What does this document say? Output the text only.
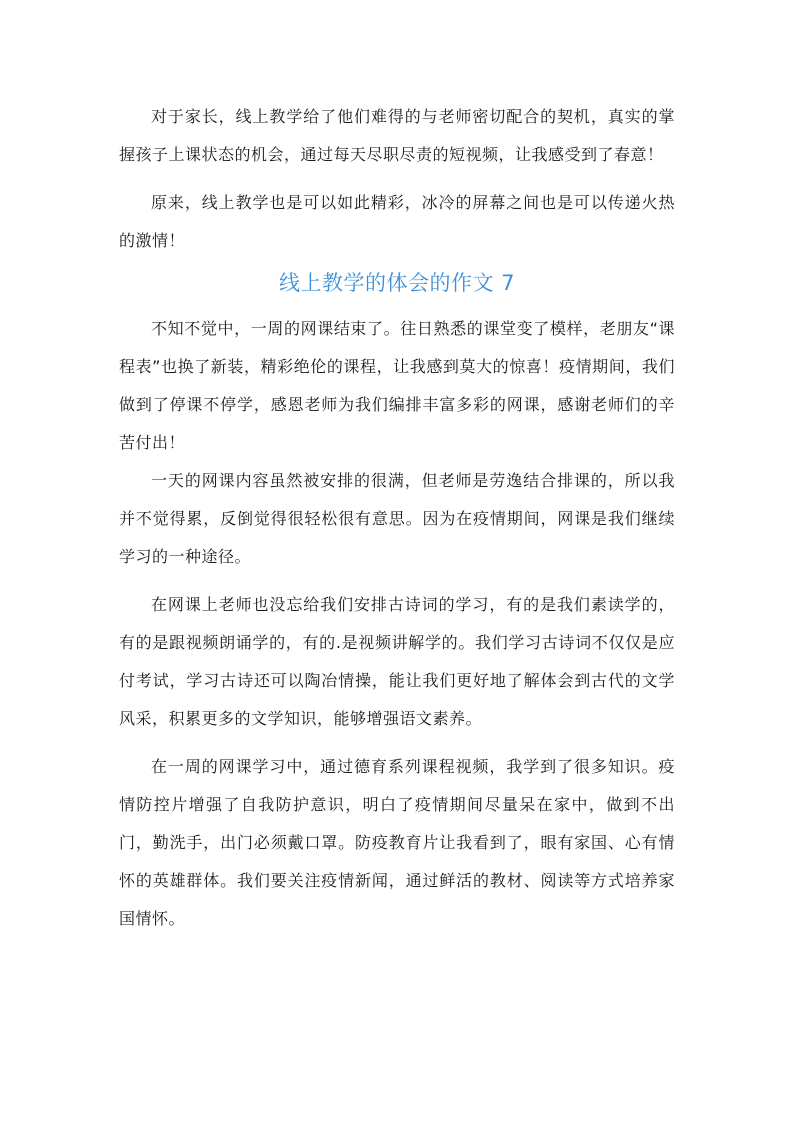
对于家长，线上教学给了他们难得的与老师密切配合的契机，真实的掌握孩子上课状态的机会，通过每天尽职尽责的短视频，让我感受到了春意！

原来，线上教学也是可以如此精彩，冰冷的屏幕之间也是可以传递火热的激情！

线上教学的体会的作文 7

不知不觉中，一周的网课结束了。往日熟悉的课堂变了模样，老朋友“课程表”也换了新装，精彩绝伦的课程，让我感到莫大的惊喜！疫情期间，我们做到了停课不停学，感恩老师为我们编排丰富多彩的网课，感谢老师们的辛苦付出！

一天的网课内容虽然被安排的很满，但老师是劳逸结合排课的，所以我并不觉得累，反倒觉得很轻松很有意思。因为在疫情期间，网课是我们继续学习的一种途径。

在网课上老师也没忘给我们安排古诗词的学习，有的是我们素读学的，有的是跟视频朗诵学的，有的.是视频讲解学的。我们学习古诗词不仅仅是应付考试，学习古诗还可以陶冶情操，能让我们更好地了解体会到古代的文学风采，积累更多的文学知识，能够增强语文素养。

在一周的网课学习中，通过德育系列课程视频，我学到了很多知识。疫情防控片增强了自我防护意识，明白了疫情期间尽量呆在家中，做到不出门，勤洗手，出门必须戴口罩。防疫教育片让我看到了，眼有家国、心有情怀的英雄群体。我们要关注疫情新闻，通过鲜活的教材、阅读等方式培养家国情怀。
